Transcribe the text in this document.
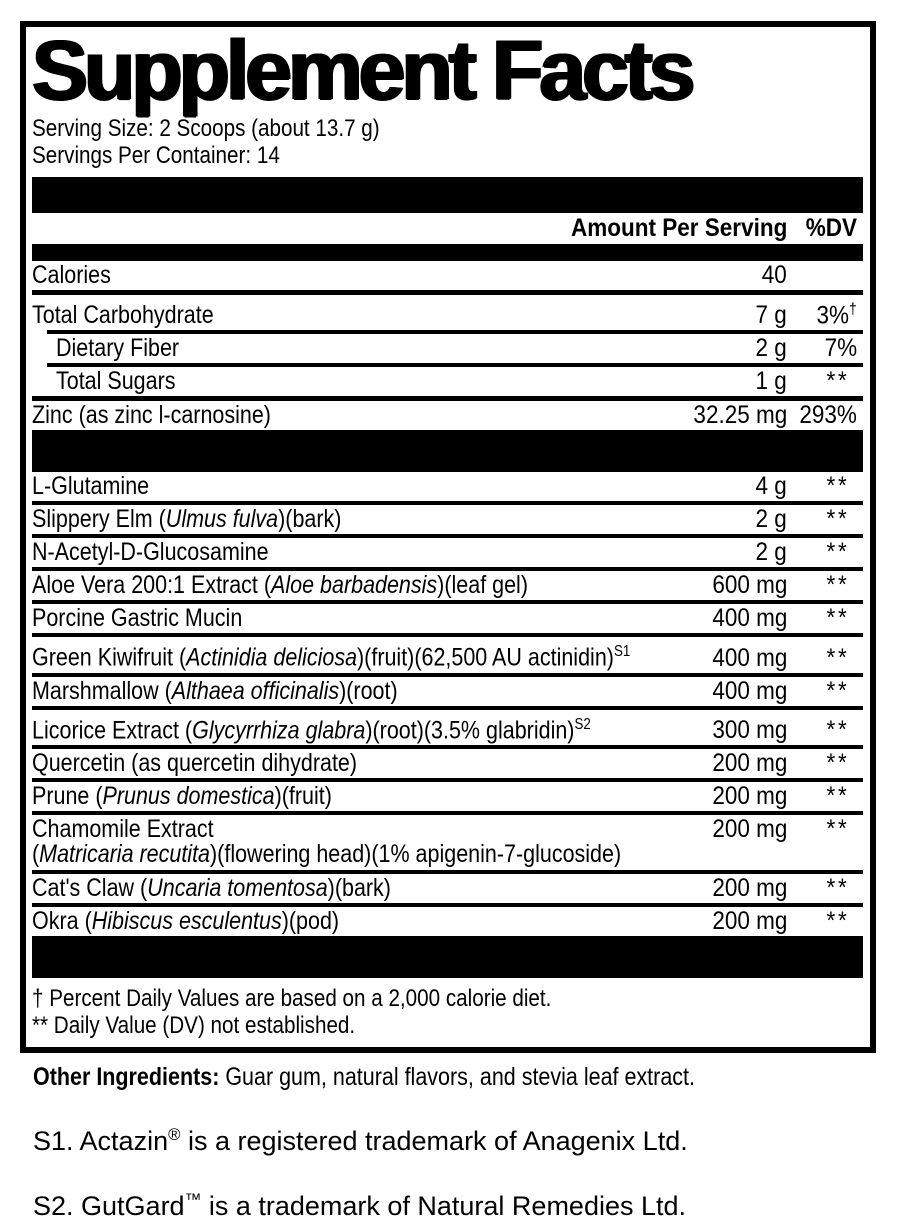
Supplement Facts
Serving Size: 2 Scoops (about 13.7 g)
Servings Per Container: 14
Amount Per Serving %DV
Calories	40
Total Carbohydrate	7 g	3%†
Dietary Fiber	2 g	7%
Total Sugars	1 g	**
Zinc (as zinc l-carnosine)	32.25 mg 293%
L-Glutamine	4 g	**
Slippery Elm (Ulmus fulva)(bark)	2 g	**
N-Acetyl-D-Glucosamine	2 g	**
Aloe Vera 200:1 Extract (Aloe barbadensis)(leaf gel)	600 mg	**
Porcine Gastric Mucin	400 mg	**
Green Kiwifruit (Actinidia deliciosa)(fruit)(62,500 AU actinidin)$^{S1}$	400 mg	**
Marshmallow (Althaea officinalis)(root)	400 mg	**
Licorice Extract (Glycyrrhiza glabra)(root)(3.5% glabridin)$^{S2}$	300 mg	**
Quercetin (as quercetin dihydrate)	200 mg	**
Prune (Prunus domestica)(fruit)	200 mg	**
Chamomile Extract	200 mg	**
(Matricaria recutita)(flowering head)(1% apigenin-7-glucoside)
Cat's Claw (Uncaria tomentosa)(bark)	200 mg	**
Okra (Hibiscus esculentus)(pod)	200 mg	**
† Percent Daily Values are based on a 2,000 calorie diet.
** Daily Value (DV) not established.
Other Ingredients: Guar gum, natural flavors, and stevia leaf extract.
S1. Actazin® is a registered trademark of Anagenix Ltd.
S2. GutGard™ is a trademark of Natural Remedies Ltd.
